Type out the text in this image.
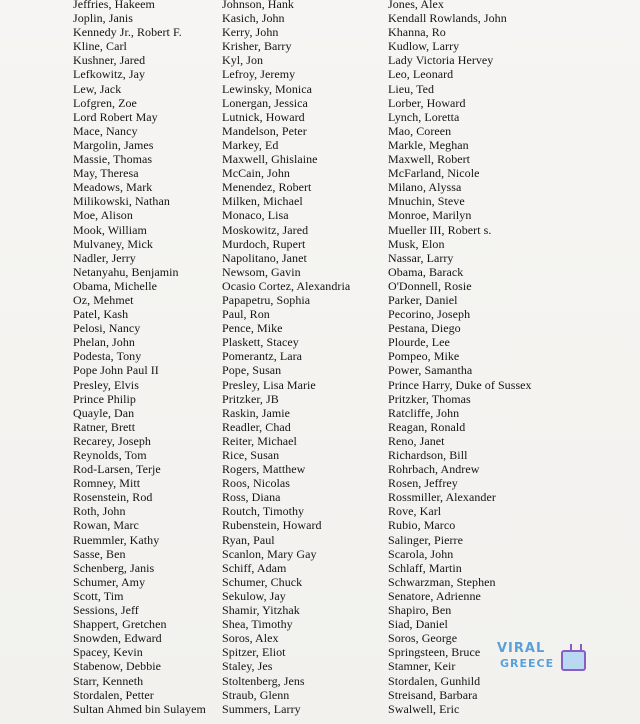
Jeffries, Hakeem
Joplin, Janis
Kennedy Jr., Robert F.
Kline, Carl
Kushner, Jared
Lefkowitz, Jay
Lew, Jack
Lofgren, Zoe
Lord Robert May
Mace, Nancy
Margolin, James
Massie, Thomas
May, Theresa
Meadows, Mark
Milikowski, Nathan
Moe, Alison
Mook, William
Mulvaney, Mick
Nadler, Jerry
Netanyahu, Benjamin
Obama, Michelle
Oz, Mehmet
Patel, Kash
Pelosi, Nancy
Phelan, John
Podesta, Tony
Pope John Paul II
Presley, Elvis
Prince Philip
Quayle, Dan
Ratner, Brett
Recarey, Joseph
Reynolds, Tom
Rod-Larsen, Terje
Romney, Mitt
Rosenstein, Rod
Roth, John
Rowan, Marc
Ruemmler, Kathy
Sasse, Ben
Schenberg, Janis
Schumer, Amy
Scott, Tim
Sessions, Jeff
Shappert, Gretchen
Snowden, Edward
Spacey, Kevin
Stabenow, Debbie
Starr, Kenneth
Stordalen, Petter
Sultan Ahmed bin Sulayem
Johnson, Hank
Kasich, John
Kerry, John
Krisher, Barry
Kyl, Jon
Lefroy, Jeremy
Lewinsky, Monica
Lonergan, Jessica
Lutnick, Howard
Mandelson, Peter
Markey, Ed
Maxwell, Ghislaine
McCain, John
Menendez, Robert
Milken, Michael
Monaco, Lisa
Moskowitz, Jared
Murdoch, Rupert
Napolitano, Janet
Newsom, Gavin
Ocasio Cortez, Alexandria
Papapetru, Sophia
Paul, Ron
Pence, Mike
Plaskett, Stacey
Pomerantz, Lara
Pope, Susan
Presley, Lisa Marie
Pritzker, JB
Raskin, Jamie
Readler, Chad
Reiter, Michael
Rice, Susan
Rogers, Matthew
Roos, Nicolas
Ross, Diana
Routch, Timothy
Rubenstein, Howard
Ryan, Paul
Scanlon, Mary Gay
Schiff, Adam
Schumer, Chuck
Sekulow, Jay
Shamir, Yitzhak
Shea, Timothy
Soros, Alex
Spitzer, Eliot
Staley, Jes
Stoltenberg, Jens
Straub, Glenn
Summers, Larry
Jones, Alex
Kendall Rowlands, John
Khanna, Ro
Kudlow, Larry
Lady Victoria Hervey
Leo, Leonard
Lieu, Ted
Lorber, Howard
Lynch, Loretta
Mao, Coreen
Markle, Meghan
Maxwell, Robert
McFarland, Nicole
Milano, Alyssa
Mnuchin, Steve
Monroe, Marilyn
Mueller III, Robert s.
Musk, Elon
Nassar, Larry
Obama, Barack
O'Donnell, Rosie
Parker, Daniel
Pecorino, Joseph
Pestana, Diego
Plourde, Lee
Pompeo, Mike
Power, Samantha
Prince Harry, Duke of Sussex
Pritzker, Thomas
Ratcliffe, John
Reagan, Ronald
Reno, Janet
Richardson, Bill
Rohrbach, Andrew
Rosen, Jeffrey
Rossmiller, Alexander
Rove, Karl
Rubio, Marco
Salinger, Pierre
Scarola, John
Schlaff, Martin
Schwarzman, Stephen
Senatore, Adrienne
Shapiro, Ben
Siad, Daniel
Soros, George
Springsteen, Bruce
Stamner, Keir
Stordalen, Gunhild
Streisand, Barbara
Swalwell, Eric
VIRAL
GREECE
